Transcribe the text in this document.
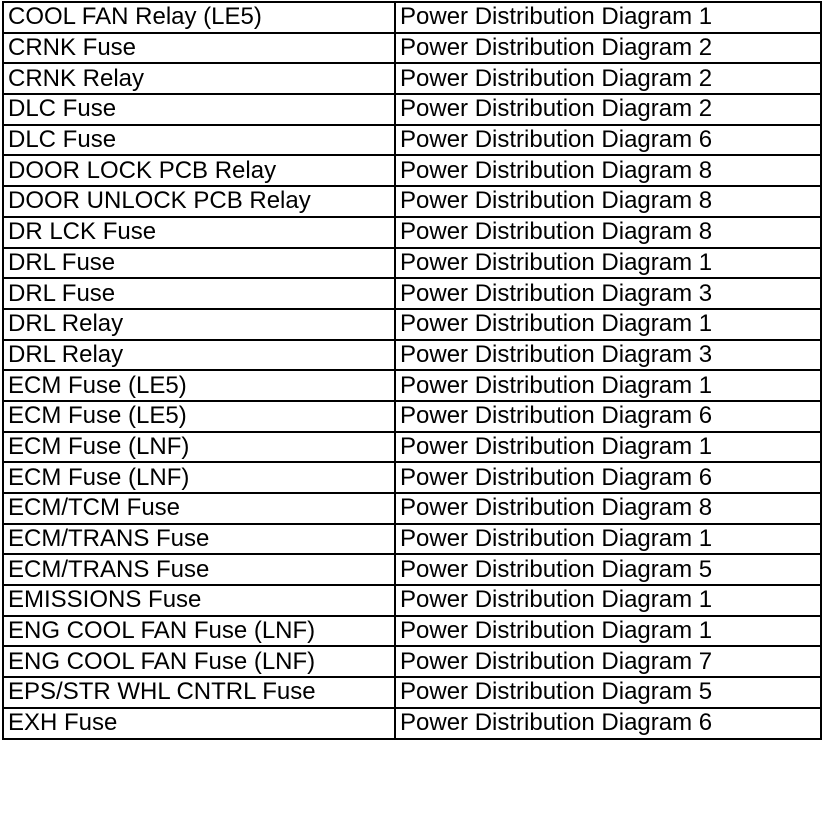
COOL FAN Relay (LE5)	Power Distribution Diagram 1
CRNK Fuse	Power Distribution Diagram 2
CRNK Relay	Power Distribution Diagram 2
DLC Fuse	Power Distribution Diagram 2
DLC Fuse	Power Distribution Diagram 6
DOOR LOCK PCB Relay	Power Distribution Diagram 8
DOOR UNLOCK PCB Relay	Power Distribution Diagram 8
DR LCK Fuse	Power Distribution Diagram 8
DRL Fuse	Power Distribution Diagram 1
DRL Fuse	Power Distribution Diagram 3
DRL Relay	Power Distribution Diagram 1
DRL Relay	Power Distribution Diagram 3
ECM Fuse (LE5)	Power Distribution Diagram 1
ECM Fuse (LE5)	Power Distribution Diagram 6
ECM Fuse (LNF)	Power Distribution Diagram 1
ECM Fuse (LNF)	Power Distribution Diagram 6
ECM/TCM Fuse	Power Distribution Diagram 8
ECM/TRANS Fuse	Power Distribution Diagram 1
ECM/TRANS Fuse	Power Distribution Diagram 5
EMISSIONS Fuse	Power Distribution Diagram 1
ENG COOL FAN Fuse (LNF)	Power Distribution Diagram 1
ENG COOL FAN Fuse (LNF)	Power Distribution Diagram 7
EPS/STR WHL CNTRL Fuse	Power Distribution Diagram 5
EXH Fuse	Power Distribution Diagram 6
